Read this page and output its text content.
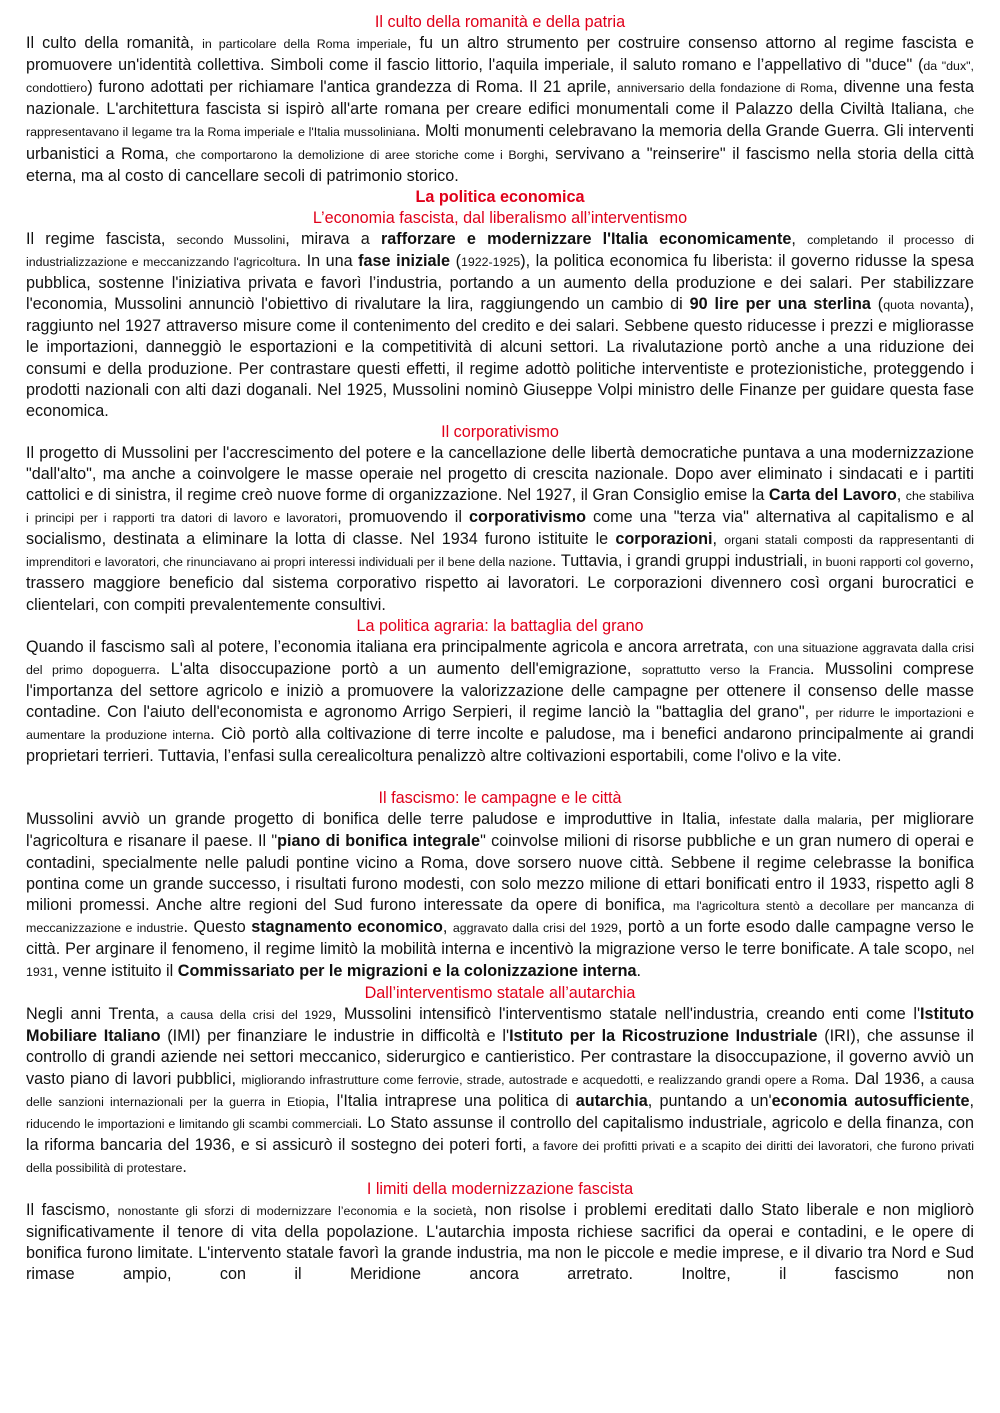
Il culto della romanità e della patria

Il culto della romanità, in particolare della Roma imperiale, fu un altro strumento per costruire consenso attorno al regime fascista e promuovere un'identità collettiva. Simboli come il fascio littorio, l'aquila imperiale, il saluto romano e l’appellativo di "duce" (da "dux", condottiero) furono adottati per richiamare l'antica grandezza di Roma. Il 21 aprile, anniversario della fondazione di Roma, divenne una festa nazionale. L'architettura fascista si ispirò all'arte romana per creare edifici monumentali come il Palazzo della Civiltà Italiana, che rappresentavano il legame tra la Roma imperiale e l'Italia mussoliniana. Molti monumenti celebravano la memoria della Grande Guerra. Gli interventi urbanistici a Roma, che comportarono la demolizione di aree storiche come i Borghi, servivano a "reinserire" il fascismo nella storia della città eterna, ma al costo di cancellare secoli di patrimonio storico.

La politica economica
L’economia fascista, dal liberalismo all’interventismo

Il regime fascista, secondo Mussolini, mirava a rafforzare e modernizzare l'Italia economicamente, completando il processo di industrializzazione e meccanizzando l'agricoltura. In una fase iniziale (1922-1925), la politica economica fu liberista: il governo ridusse la spesa pubblica, sostenne l'iniziativa privata e favorì l’industria, portando a un aumento della produzione e dei salari. Per stabilizzare l'economia, Mussolini annunciò l'obiettivo di rivalutare la lira, raggiungendo un cambio di 90 lire per una sterlina (quota novanta), raggiunto nel 1927 attraverso misure come il contenimento del credito e dei salari. Sebbene questo riducesse i prezzi e migliorasse le importazioni, danneggiò le esportazioni e la competitività di alcuni settori. La rivalutazione portò anche a una riduzione dei consumi e della produzione. Per contrastare questi effetti, il regime adottò politiche interventiste e protezionistiche, proteggendo i prodotti nazionali con alti dazi doganali. Nel 1925, Mussolini nominò Giuseppe Volpi ministro delle Finanze per guidare questa fase economica.

Il corporativismo

Il progetto di Mussolini per l'accrescimento del potere e la cancellazione delle libertà democratiche puntava a una modernizzazione "dall'alto", ma anche a coinvolgere le masse operaie nel progetto di crescita nazionale. Dopo aver eliminato i sindacati e i partiti cattolici e di sinistra, il regime creò nuove forme di organizzazione. Nel 1927, il Gran Consiglio emise la Carta del Lavoro, che stabiliva i principi per i rapporti tra datori di lavoro e lavoratori, promuovendo il corporativismo come una "terza via" alternativa al capitalismo e al socialismo, destinata a eliminare la lotta di classe. Nel 1934 furono istituite le corporazioni, organi statali composti da rappresentanti di imprenditori e lavoratori, che rinunciavano ai propri interessi individuali per il bene della nazione. Tuttavia, i grandi gruppi industriali, in buoni rapporti col governo, trassero maggiore beneficio dal sistema corporativo rispetto ai lavoratori. Le corporazioni divennero così organi burocratici e clientelari, con compiti prevalentemente consultivi.

La politica agraria: la battaglia del grano

Quando il fascismo salì al potere, l’economia italiana era principalmente agricola e ancora arretrata, con una situazione aggravata dalla crisi del primo dopoguerra. L'alta disoccupazione portò a un aumento dell'emigrazione, soprattutto verso la Francia. Mussolini comprese l'importanza del settore agricolo e iniziò a promuovere la valorizzazione delle campagne per ottenere il consenso delle masse contadine. Con l'aiuto dell'economista e agronomo Arrigo Serpieri, il regime lanciò la "battaglia del grano", per ridurre le importazioni e aumentare la produzione interna. Ciò portò alla coltivazione di terre incolte e paludose, ma i benefici andarono principalmente ai grandi proprietari terrieri. Tuttavia, l’enfasi sulla cerealicoltura penalizzò altre coltivazioni esportabili, come l'olivo e la vite.

Il fascismo: le campagne e le città

Mussolini avviò un grande progetto di bonifica delle terre paludose e improduttive in Italia, infestate dalla malaria, per migliorare l'agricoltura e risanare il paese. Il "piano di bonifica integrale" coinvolse milioni di risorse pubbliche e un gran numero di operai e contadini, specialmente nelle paludi pontine vicino a Roma, dove sorsero nuove città. Sebbene il regime celebrasse la bonifica pontina come un grande successo, i risultati furono modesti, con solo mezzo milione di ettari bonificati entro il 1933, rispetto agli 8 milioni promessi. Anche altre regioni del Sud furono interessate da opere di bonifica, ma l'agricoltura stentò a decollare per mancanza di meccanizzazione e industrie. Questo stagnamento economico, aggravato dalla crisi del 1929, portò a un forte esodo dalle campagne verso le città. Per arginare il fenomeno, il regime limitò la mobilità interna e incentivò la migrazione verso le terre bonificate. A tale scopo, nel 1931, venne istituito il Commissariato per le migrazioni e la colonizzazione interna.

Dall’interventismo statale all’autarchia

Negli anni Trenta, a causa della crisi del 1929, Mussolini intensificò l'interventismo statale nell'industria, creando enti come l'Istituto Mobiliare Italiano (IMI) per finanziare le industrie in difficoltà e l'Istituto per la Ricostruzione Industriale (IRI), che assunse il controllo di grandi aziende nei settori meccanico, siderurgico e cantieristico. Per contrastare la disoccupazione, il governo avviò un vasto piano di lavori pubblici, migliorando infrastrutture come ferrovie, strade, autostrade e acquedotti, e realizzando grandi opere a Roma. Dal 1936, a causa delle sanzioni internazionali per la guerra in Etiopia, l'Italia intraprese una politica di autarchia, puntando a un'economia autosufficiente, riducendo le importazioni e limitando gli scambi commerciali. Lo Stato assunse il controllo del capitalismo industriale, agricolo e della finanza, con la riforma bancaria del 1936, e si assicurò il sostegno dei poteri forti, a favore dei profitti privati e a scapito dei diritti dei lavoratori, che furono privati della possibilità di protestare.

I limiti della modernizzazione fascista

Il fascismo, nonostante gli sforzi di modernizzare l’economia e la società, non risolse i problemi ereditati dallo Stato liberale e non migliorò significativamente il tenore di vita della popolazione. L'autarchia imposta richiese sacrifici da operai e contadini, e le opere di bonifica furono limitate. L'intervento statale favorì la grande industria, ma non le piccole e medie imprese, e il divario tra Nord e Sud rimase ampio, con il Meridione ancora arretrato. Inoltre, il fascismo non
